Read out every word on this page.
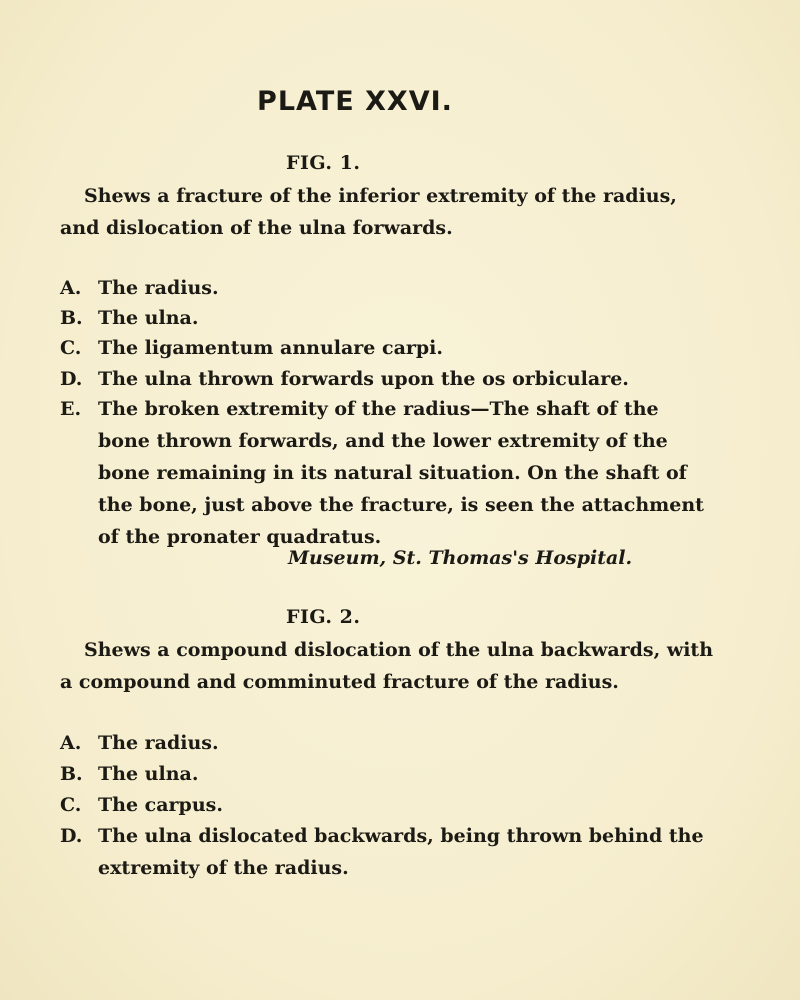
PLATE XXVI.
FIG. 1.
Shews a fracture of the inferior extremity of the radius,
and dislocation of the ulna forwards.
A. The radius.
B. The ulna.
C. The ligamentum annulare carpi.
D. The ulna thrown forwards upon the os orbiculare.
E. The broken extremity of the radius—The shaft of the
bone thrown forwards, and the lower extremity of the
bone remaining in its natural situation. On the shaft of
the bone, just above the fracture, is seen the attachment
of the pronater quadratus.
Museum, St. Thomas's Hospital.
FIG. 2.
Shews a compound dislocation of the ulna backwards, with
a compound and comminuted fracture of the radius.
A. The radius.
B. The ulna.
C. The carpus.
D. The ulna dislocated backwards, being thrown behind the
extremity of the radius.
